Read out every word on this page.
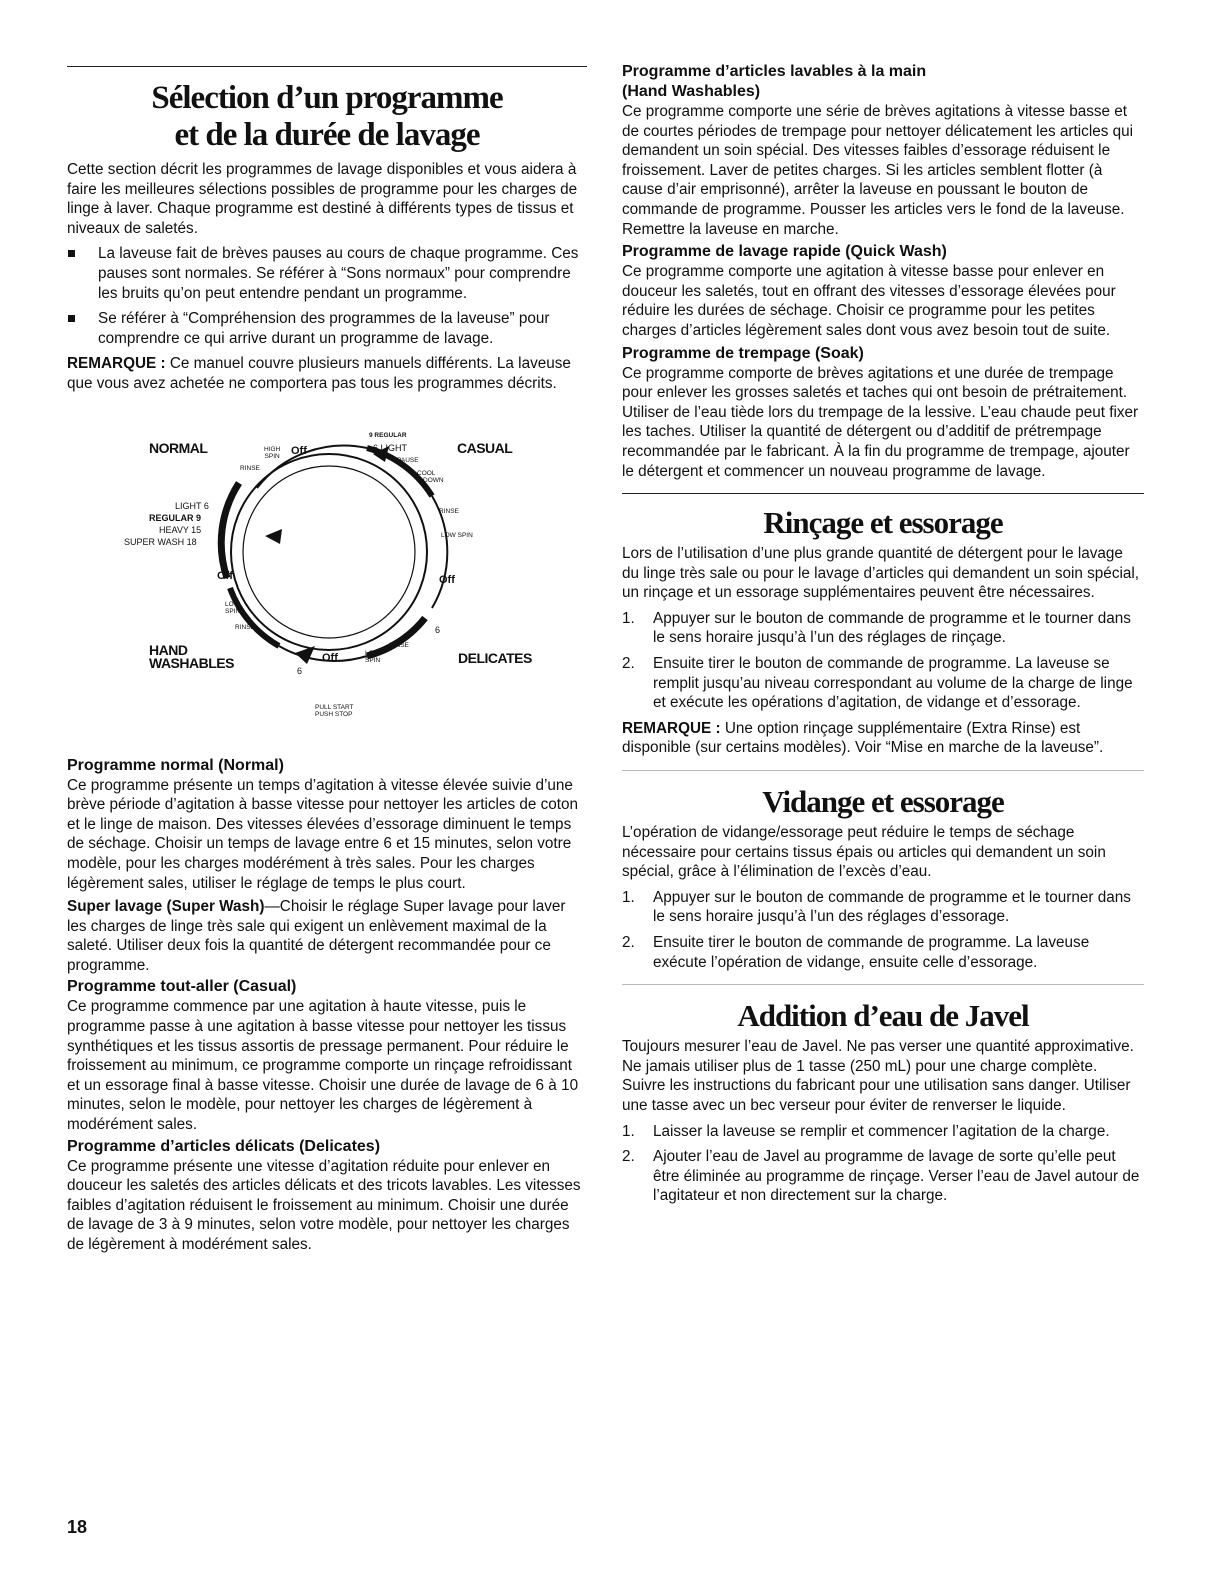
Sélection d’un programme
et de la durée de lavage

Cette section décrit les programmes de lavage disponibles et vous aidera à faire les meilleures sélections possibles de programme pour les charges de linge à laver. Chaque programme est destiné à différents types de tissus et niveaux de saletés.

La laveuse fait de brèves pauses au cours de chaque programme. Ces pauses sont normales. Se référer à “Sons normaux” pour comprendre les bruits qu’on peut entendre pendant un programme.

Se référer à “Compréhension des programmes de la laveuse” pour comprendre ce qui arrive durant un programme de lavage.

REMARQUE : Ce manuel couvre plusieurs manuels différents. La laveuse que vous avez achetée ne comportera pas tous les programmes décrits.

NORMAL	CASUAL
HAND
WASHABLES	DELICATES
HIGH
SPIN Off
RINSE
9 REGULAR
6 LIGHT
PAUSE
COOL
DOWN
RINSE
LOW SPIN
Off
6
LIGHT 6
REGULAR 9
HEAVY 15
SUPER WASH 18
Off
LOW
SPIN
RINSE
6
Off	LOW
SPIN
RINSE
PULL START
PUSH STOP
Programme normal (Normal)

Ce programme présente un temps d’agitation à vitesse élevée suivie d’une brève période d’agitation à basse vitesse pour nettoyer les articles de coton et le linge de maison. Des vitesses élevées d’essorage diminuent le temps de séchage. Choisir un temps de lavage entre 6 et 15 minutes, selon votre modèle, pour les charges modérément à très sales. Pour les charges légèrement sales, utiliser le réglage de temps le plus court.

Super lavage (Super Wash)—Choisir le réglage Super lavage pour laver les charges de linge très sale qui exigent un enlèvement maximal de la saleté. Utiliser deux fois la quantité de détergent recommandée pour ce programme.

Programme tout-aller (Casual)

Ce programme commence par une agitation à haute vitesse, puis le programme passe à une agitation à basse vitesse pour nettoyer les tissus synthétiques et les tissus assortis de pressage permanent. Pour réduire le froissement au minimum, ce programme comporte un rinçage refroidissant et un essorage final à basse vitesse. Choisir une durée de lavage de 6 à 10 minutes, selon le modèle, pour nettoyer les charges de légèrement à modérément sales.

Programme d’articles délicats (Delicates)

Ce programme présente une vitesse d’agitation réduite pour enlever en douceur les saletés des articles délicats et des tricots lavables. Les vitesses faibles d’agitation réduisent le froissement au minimum. Choisir une durée de lavage de 3 à 9 minutes, selon votre modèle, pour nettoyer les charges de légèrement à modérément sales.

Programme d’articles lavables à la main
(Hand Washables)

Ce programme comporte une série de brèves agitations à vitesse basse et de courtes périodes de trempage pour nettoyer délicatement les articles qui demandent un soin spécial. Des vitesses faibles d’essorage réduisent le froissement. Laver de petites charges. Si les articles semblent flotter (à cause d’air emprisonné), arrêter la laveuse en poussant le bouton de commande de programme. Pousser les articles vers le fond de la laveuse. Remettre la laveuse en marche.

Programme de lavage rapide (Quick Wash)

Ce programme comporte une agitation à vitesse basse pour enlever en douceur les saletés, tout en offrant des vitesses d’essorage élevées pour réduire les durées de séchage. Choisir ce programme pour les petites charges d’articles légèrement sales dont vous avez besoin tout de suite.

Programme de trempage (Soak)

Ce programme comporte de brèves agitations et une durée de trempage pour enlever les grosses saletés et taches qui ont besoin de prétraitement. Utiliser de l’eau tiède lors du trempage de la lessive. L’eau chaude peut fixer les taches. Utiliser la quantité de détergent ou d’additif de prétrempage recommandée par le fabricant. À la fin du programme de trempage, ajouter le détergent et commencer un nouveau programme de lavage.

Rinçage et essorage

Lors de l’utilisation d’une plus grande quantité de détergent pour le lavage du linge très sale ou pour le lavage d’articles qui demandent un soin spécial, un rinçage et un essorage supplémentaires peuvent être nécessaires.

1. Appuyer sur le bouton de commande de programme et le tourner dans le sens horaire jusqu’à l’un des réglages de rinçage.

2. Ensuite tirer le bouton de commande de programme. La laveuse se remplit jusqu’au niveau correspondant au volume de la charge de linge et exécute les opérations d’agitation, de vidange et d’essorage.

REMARQUE : Une option rinçage supplémentaire (Extra Rinse) est disponible (sur certains modèles). Voir “Mise en marche de la laveuse”.

Vidange et essorage

L’opération de vidange/essorage peut réduire le temps de séchage nécessaire pour certains tissus épais ou articles qui demandent un soin spécial, grâce à l’élimination de l’excès d’eau.

1. Appuyer sur le bouton de commande de programme et le tourner dans le sens horaire jusqu’à l’un des réglages d’essorage.

2. Ensuite tirer le bouton de commande de programme. La laveuse exécute l’opération de vidange, ensuite celle d’essorage.

Addition d’eau de Javel

Toujours mesurer l’eau de Javel. Ne pas verser une quantité approximative. Ne jamais utiliser plus de 1 tasse (250 mL) pour une charge complète. Suivre les instructions du fabricant pour une utilisation sans danger. Utiliser une tasse avec un bec verseur pour éviter de renverser le liquide.

1. Laisser la laveuse se remplir et commencer l’agitation de la charge.

2. Ajouter l’eau de Javel au programme de lavage de sorte qu’elle peut être éliminée au programme de rinçage. Verser l’eau de Javel autour de l’agitateur et non directement sur la charge.

18
